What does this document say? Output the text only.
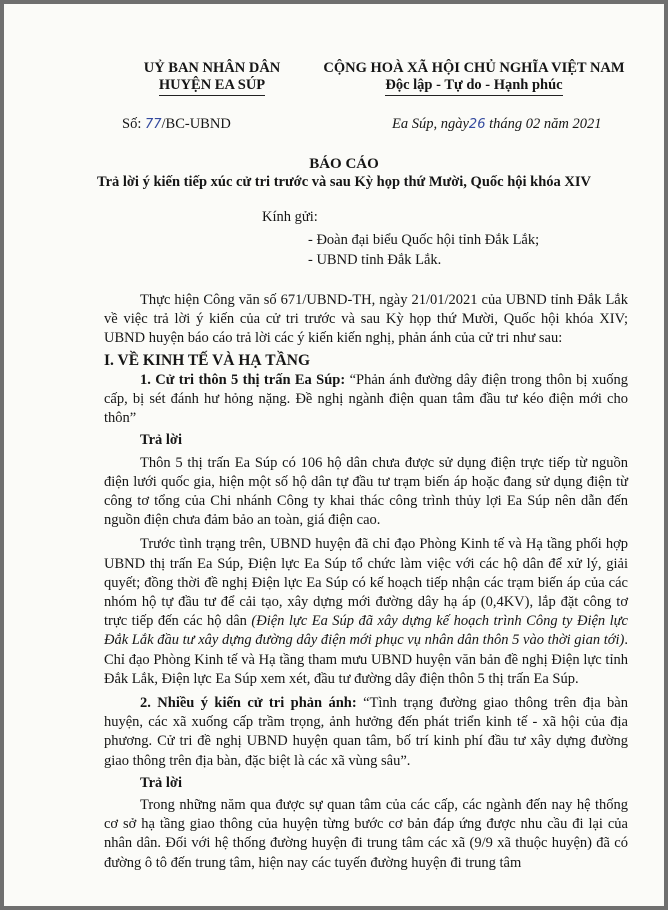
UỶ BAN NHÂN DÂN
HUYỆN EA SÚP
CỘNG HOÀ XÃ HỘI CHỦ NGHĨA VIỆT NAM
Độc lập - Tự do - Hạnh phúc
Số: 77/BC-UBND	Ea Súp, ngày26 tháng 02 năm 2021
BÁO CÁO
Trả lời ý kiến tiếp xúc cử tri trước và sau Kỳ họp thứ Mười, Quốc hội khóa XIV
Kính gửi:
- Đoàn đại biểu Quốc hội tỉnh Đắk Lắk;
- UBND tỉnh Đắk Lắk.

Thực hiện Công văn số 671/UBND-TH, ngày 21/01/2021 của UBND tỉnh Đắk Lắk về việc trả lời ý kiến của cử tri trước và sau Kỳ họp thứ Mười, Quốc hội khóa XIV; UBND huyện báo cáo trả lời các ý kiến kiến nghị, phản ánh của cử tri như sau:

I. VỀ KINH TẾ VÀ HẠ TẦNG

1. Cử tri thôn 5 thị trấn Ea Súp: “Phản ánh đường dây điện trong thôn bị xuống cấp, bị sét đánh hư hỏng nặng. Đề nghị ngành điện quan tâm đầu tư kéo điện mới cho thôn”

Trả lời

Thôn 5 thị trấn Ea Súp có 106 hộ dân chưa được sử dụng điện trực tiếp từ nguồn điện lưới quốc gia, hiện một số hộ dân tự đầu tư trạm biến áp hoặc đang sử dụng điện từ công tơ tổng của Chi nhánh Công ty khai thác công trình thủy lợi Ea Súp nên dẫn đến nguồn điện chưa đảm bảo an toàn, giá điện cao.

Trước tình trạng trên, UBND huyện đã chỉ đạo Phòng Kinh tế và Hạ tầng phối hợp UBND thị trấn Ea Súp, Điện lực Ea Súp tổ chức làm việc với các hộ dân để xử lý, giải quyết; đồng thời đề nghị Điện lực Ea Súp có kế hoạch tiếp nhận các trạm biến áp của các nhóm hộ tự đầu tư để cải tạo, xây dựng mới đường dây hạ áp (0,4KV), lắp đặt công tơ trực tiếp đến các hộ dân (Điện lực Ea Súp đã xây dựng kế hoạch trình Công ty Điện lực Đắk Lắk đầu tư xây dựng đường dây điện mới phục vụ nhân dân thôn 5 vào thời gian tới). Chỉ đạo Phòng Kinh tế và Hạ tầng tham mưu UBND huyện văn bản đề nghị Điện lực tỉnh Đắk Lắk, Điện lực Ea Súp xem xét, đầu tư đường dây điện thôn 5 thị trấn Ea Súp.

2. Nhiều ý kiến cử tri phản ánh: “Tình trạng đường giao thông trên địa bàn huyện, các xã xuống cấp trầm trọng, ảnh hưởng đến phát triển kinh tế - xã hội của địa phương. Cử tri đề nghị UBND huyện quan tâm, bố trí kinh phí đầu tư xây dựng đường giao thông trên địa bàn, đặc biệt là các xã vùng sâu”.

Trả lời

Trong những năm qua được sự quan tâm của các cấp, các ngành đến nay hệ thống cơ sở hạ tầng giao thông của huyện từng bước cơ bản đáp ứng được nhu cầu đi lại của nhân dân. Đối với hệ thống đường huyện đi trung tâm các xã (9/9 xã thuộc huyện) đã có đường ô tô đến trung tâm, hiện nay các tuyến đường huyện đi trung tâm
